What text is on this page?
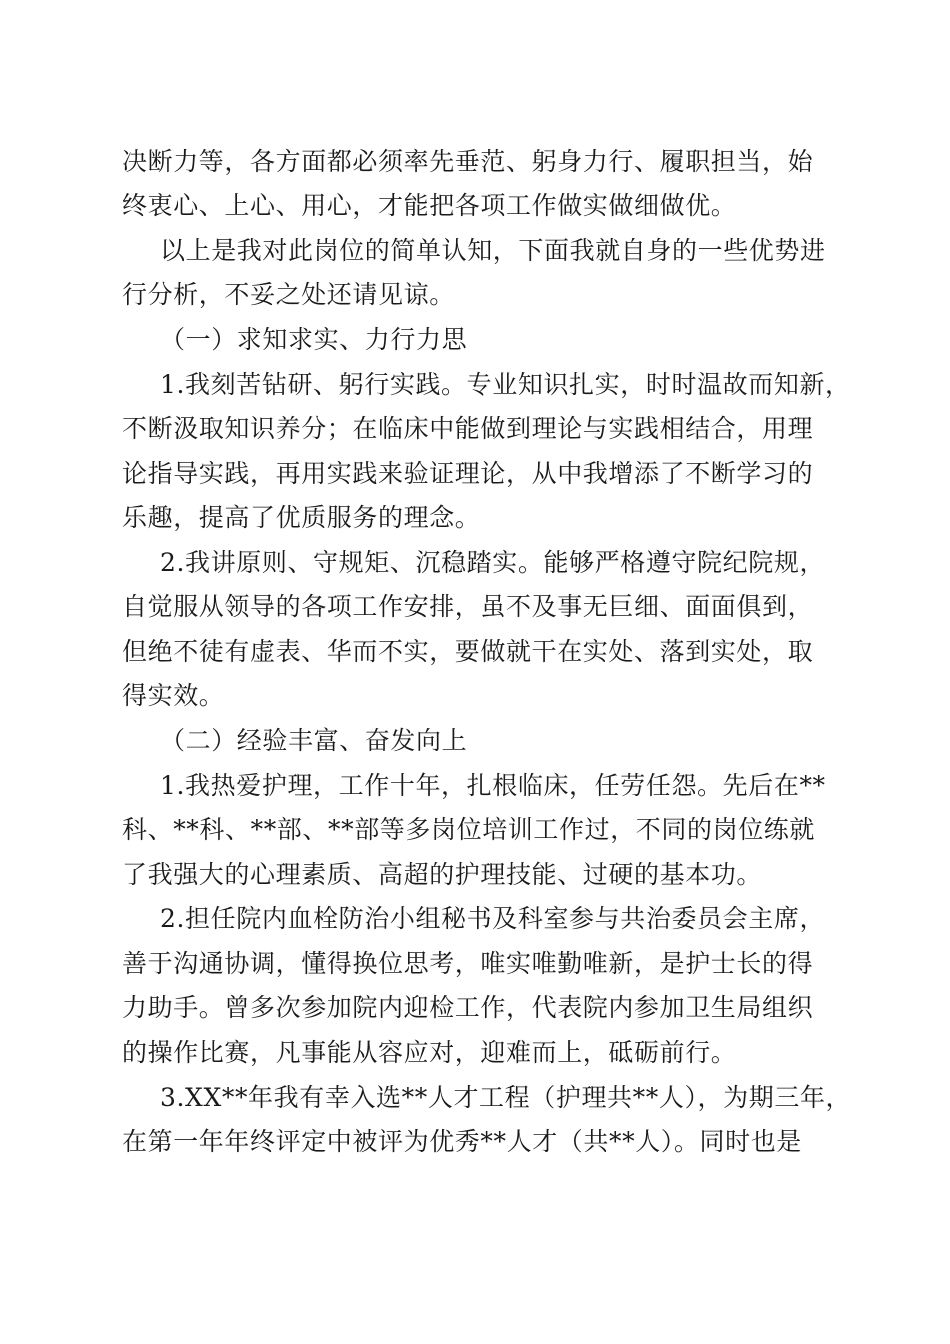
决断力等，各方面都必须率先垂范、躬身力行、履职担当，始
终衷心、上心、用心，才能把各项工作做实做细做优。
以上是我对此岗位的简单认知，下面我就自身的一些优势进
行分析，不妥之处还请见谅。
（一）求知求实、力行力思
1.我刻苦钻研、躬行实践。专业知识扎实，时时温故而知新，
不断汲取知识养分；在临床中能做到理论与实践相结合，用理
论指导实践，再用实践来验证理论，从中我增添了不断学习的
乐趣，提高了优质服务的理念。
2.我讲原则、守规矩、沉稳踏实。能够严格遵守院纪院规，
自觉服从领导的各项工作安排，虽不及事无巨细、面面俱到，
但绝不徒有虚表、华而不实，要做就干在实处、落到实处，取
得实效。
（二）经验丰富、奋发向上
1.我热爱护理，工作十年，扎根临床，任劳任怨。先后在**
科、**科、**部、**部等多岗位培训工作过，不同的岗位练就
了我强大的心理素质、高超的护理技能、过硬的基本功。
2.担任院内血栓防治小组秘书及科室参与共治委员会主席，
善于沟通协调，懂得换位思考，唯实唯勤唯新，是护士长的得
力助手。曾多次参加院内迎检工作，代表院内参加卫生局组织
的操作比赛，凡事能从容应对，迎难而上，砥砺前行。
3.XX**年我有幸入选**人才工程（护理共**人），为期三年，
在第一年年终评定中被评为优秀**人才（共**人）。同时也是
